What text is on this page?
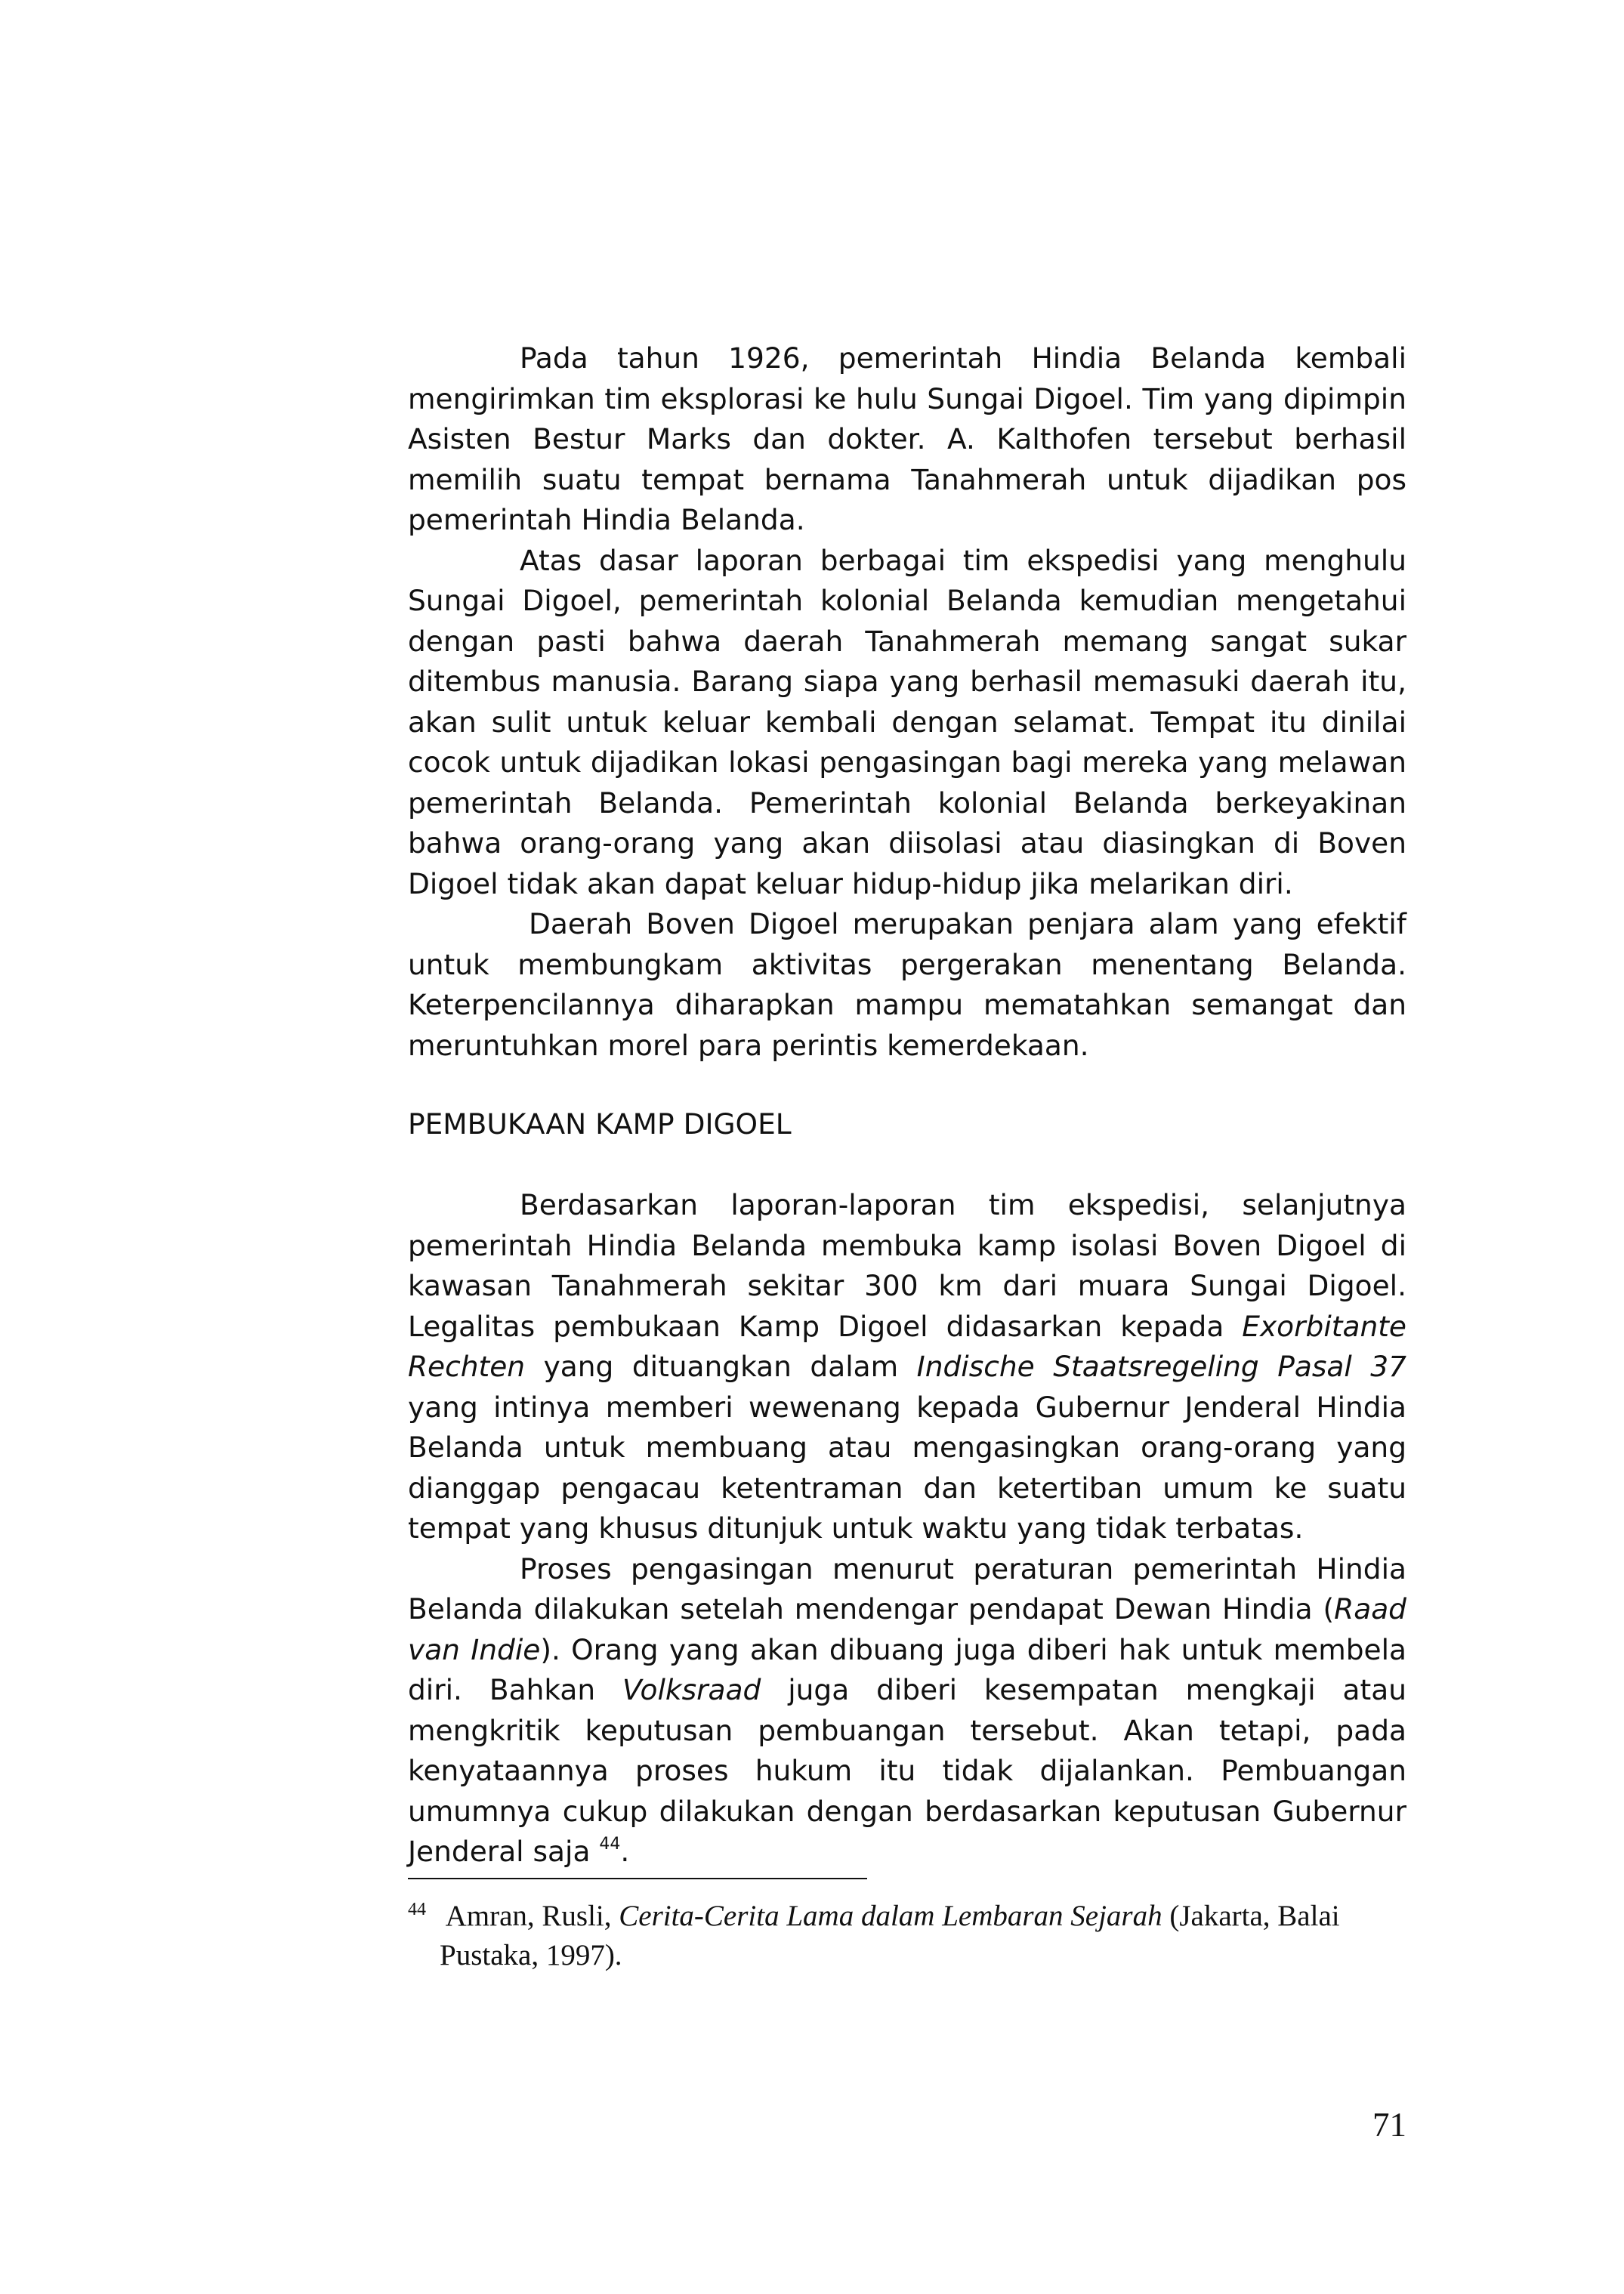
Pada tahun 1926, pemerintah Hindia Belanda kembali mengirimkan tim eksplorasi ke hulu Sungai Digoel. Tim yang dipimpin Asisten Bestur Marks dan dokter. A. Kalthofen tersebut berhasil memilih suatu tempat bernama Tanahmerah untuk dijadikan pos pemerintah Hindia Belanda.

Atas dasar laporan berbagai tim ekspedisi yang menghulu Sungai Digoel, pemerintah kolonial Belanda kemudian mengetahui dengan pasti bahwa daerah Tanahmerah memang sangat sukar ditembus manusia. Barang siapa yang berhasil memasuki daerah itu, akan sulit untuk keluar kembali dengan selamat. Tempat itu dinilai cocok untuk dijadikan lokasi pengasingan bagi mereka yang melawan pemerintah Belanda. Pemerintah kolonial Belanda berkeyakinan bahwa orang-orang yang akan diisolasi atau diasingkan di Boven Digoel tidak akan dapat keluar hidup-hidup jika melarikan diri.

Daerah Boven Digoel merupakan penjara alam yang efektif untuk membungkam aktivitas pergerakan menentang Belanda. Keterpencilannya diharapkan mampu mematahkan semangat dan meruntuhkan morel para perintis kemerdekaan.

PEMBUKAAN KAMP DIGOEL

Berdasarkan laporan-laporan tim ekspedisi, selanjutnya pemerintah Hindia Belanda membuka kamp isolasi Boven Digoel di kawasan Tanahmerah sekitar 300 km dari muara Sungai Digoel. Legalitas pembukaan Kamp Digoel didasarkan kepada Exorbitante Rechten yang dituangkan dalam Indische Staatsregeling Pasal 37 yang intinya memberi wewenang kepada Gubernur Jenderal Hindia Belanda untuk membuang atau mengasingkan orang-orang yang dianggap pengacau ketentraman dan ketertiban umum ke suatu tempat yang khusus ditunjuk untuk waktu yang tidak terbatas.

Proses pengasingan menurut peraturan pemerintah Hindia Belanda dilakukan setelah mendengar pendapat Dewan Hindia (Raad van Indie). Orang yang akan dibuang juga diberi hak untuk membela diri. Bahkan Volksraad juga diberi kesempatan mengkaji atau mengkritik keputusan pembuangan tersebut. Akan tetapi, pada kenyataannya proses hukum itu tidak dijalankan. Pembuangan umumnya cukup dilakukan dengan berdasarkan keputusan Gubernur Jenderal saja $^{44}$.

44 Amran, Rusli, Cerita-Cerita Lama dalam Lembaran Sejarah (Jakarta, Balai Pustaka, 1997).
71
